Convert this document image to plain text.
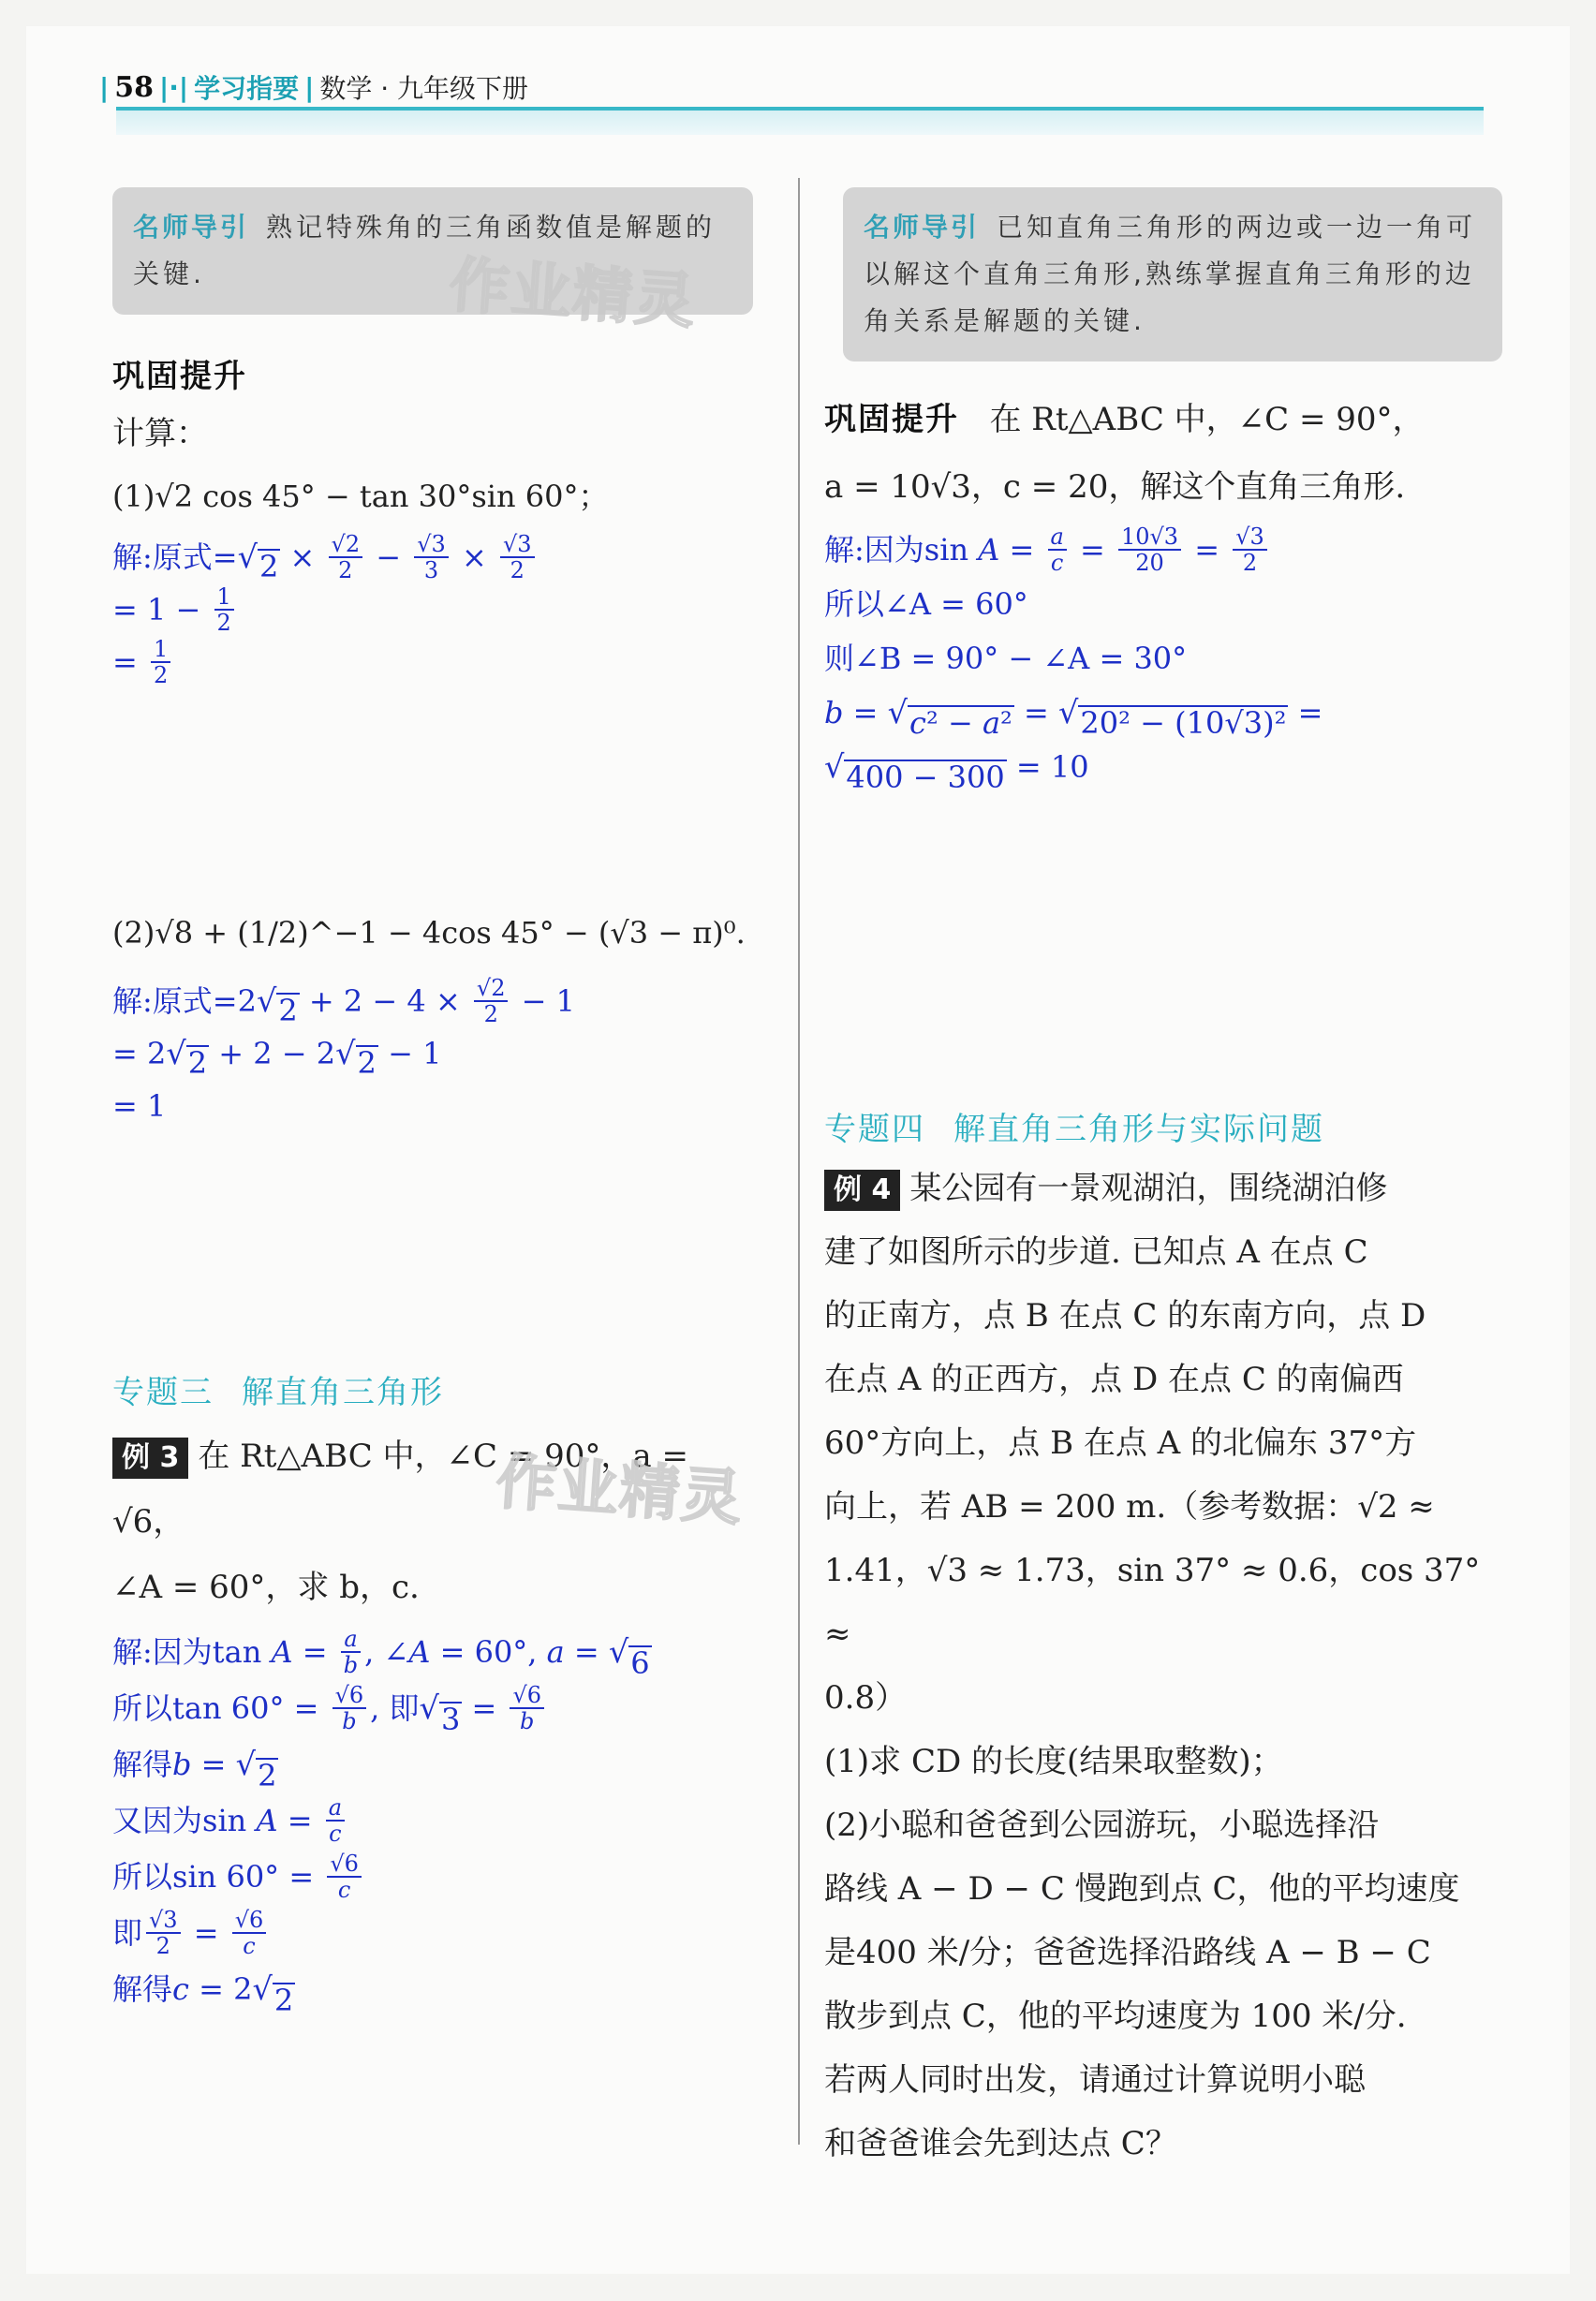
| 58 |·| 学习指要 | 数学 · 九年级下册
名师导引 熟记特殊角的三角函数值是解题的关键.
巩固提升
计算：
(1)√2 cos 45° − tan 30°sin 60°；
解:原式= √ $2 \times \frac{√2}{2} - \frac{√3}{3} \times \frac{√3}{2}$
= $1 - \frac{1}{2}$
= $\frac{1}{2}$
(2)√8 + (1/2)^−1 − 4cos 45° − (√3 − π)⁰.
解:原式= 2 √ $2 + 2 - 4 \times \frac{√2}{2} - 1$
= 2 √ 2 + 2 − 2 √ 2 − 1
= 1
专题三 解直角三角形
例 3 在 Rt△ABC 中，∠C = 90°，a = √6，
∠A = 60°，求 b，c.
解:因为 $\tan A = \frac{a}{b}$ , ∠ A = 60°, a = √ 6
所以 $\tan 60^\circ = \frac{√6}{b}$ , 即 √ $3 = \frac{√6}{b}$
解得 b = √ 2
又因为 $\sin A = \frac{a}{c}$
所以 $\sin 60^\circ = \frac{√6}{c}$
即 $\frac{√3}{2} = \frac{√6}{c}$
解得 c = 2 √ 2
名师导引 已知直角三角形的两边或一边一角可以解这个直角三角形,熟练掌握直角三角形的边角关系是解题的关键.
巩固提升 在 Rt△ABC 中，∠C = 90°，
a = 10√3，c = 20，解这个直角三角形.
解:因为 $\sin A = \frac{a}{c} = \frac{10√3}{20} = \frac{√3}{2}$
所以∠A = 60°
则∠B = 90° − ∠A = 30°
b = √ c² − a² = √ 20² − (10√3)² =
√ 400 − 300 = 10
专题四 解直角三角形与实际问题
例 4 某公园有一景观湖泊，围绕湖泊修
建了如图所示的步道. 已知点 A 在点 C
的正南方，点 B 在点 C 的东南方向，点 D
在点 A 的正西方，点 D 在点 C 的南偏西
60°方向上，点 B 在点 A 的北偏东 37°方
向上，若 AB = 200 m.（参考数据：√2 ≈
1.41，√3 ≈ 1.73，sin 37° ≈ 0.6，cos 37° ≈
0.8）
(1)求 CD 的长度(结果取整数)；
(2)小聪和爸爸到公园游玩，小聪选择沿
路线 A − D − C 慢跑到点 C，他的平均速度
是400 米/分；爸爸选择沿路线 A − B − C
散步到点 C，他的平均速度为 100 米/分.
若两人同时出发，请通过计算说明小聪
和爸爸谁会先到达点 C？
作业精灵
作业精灵
